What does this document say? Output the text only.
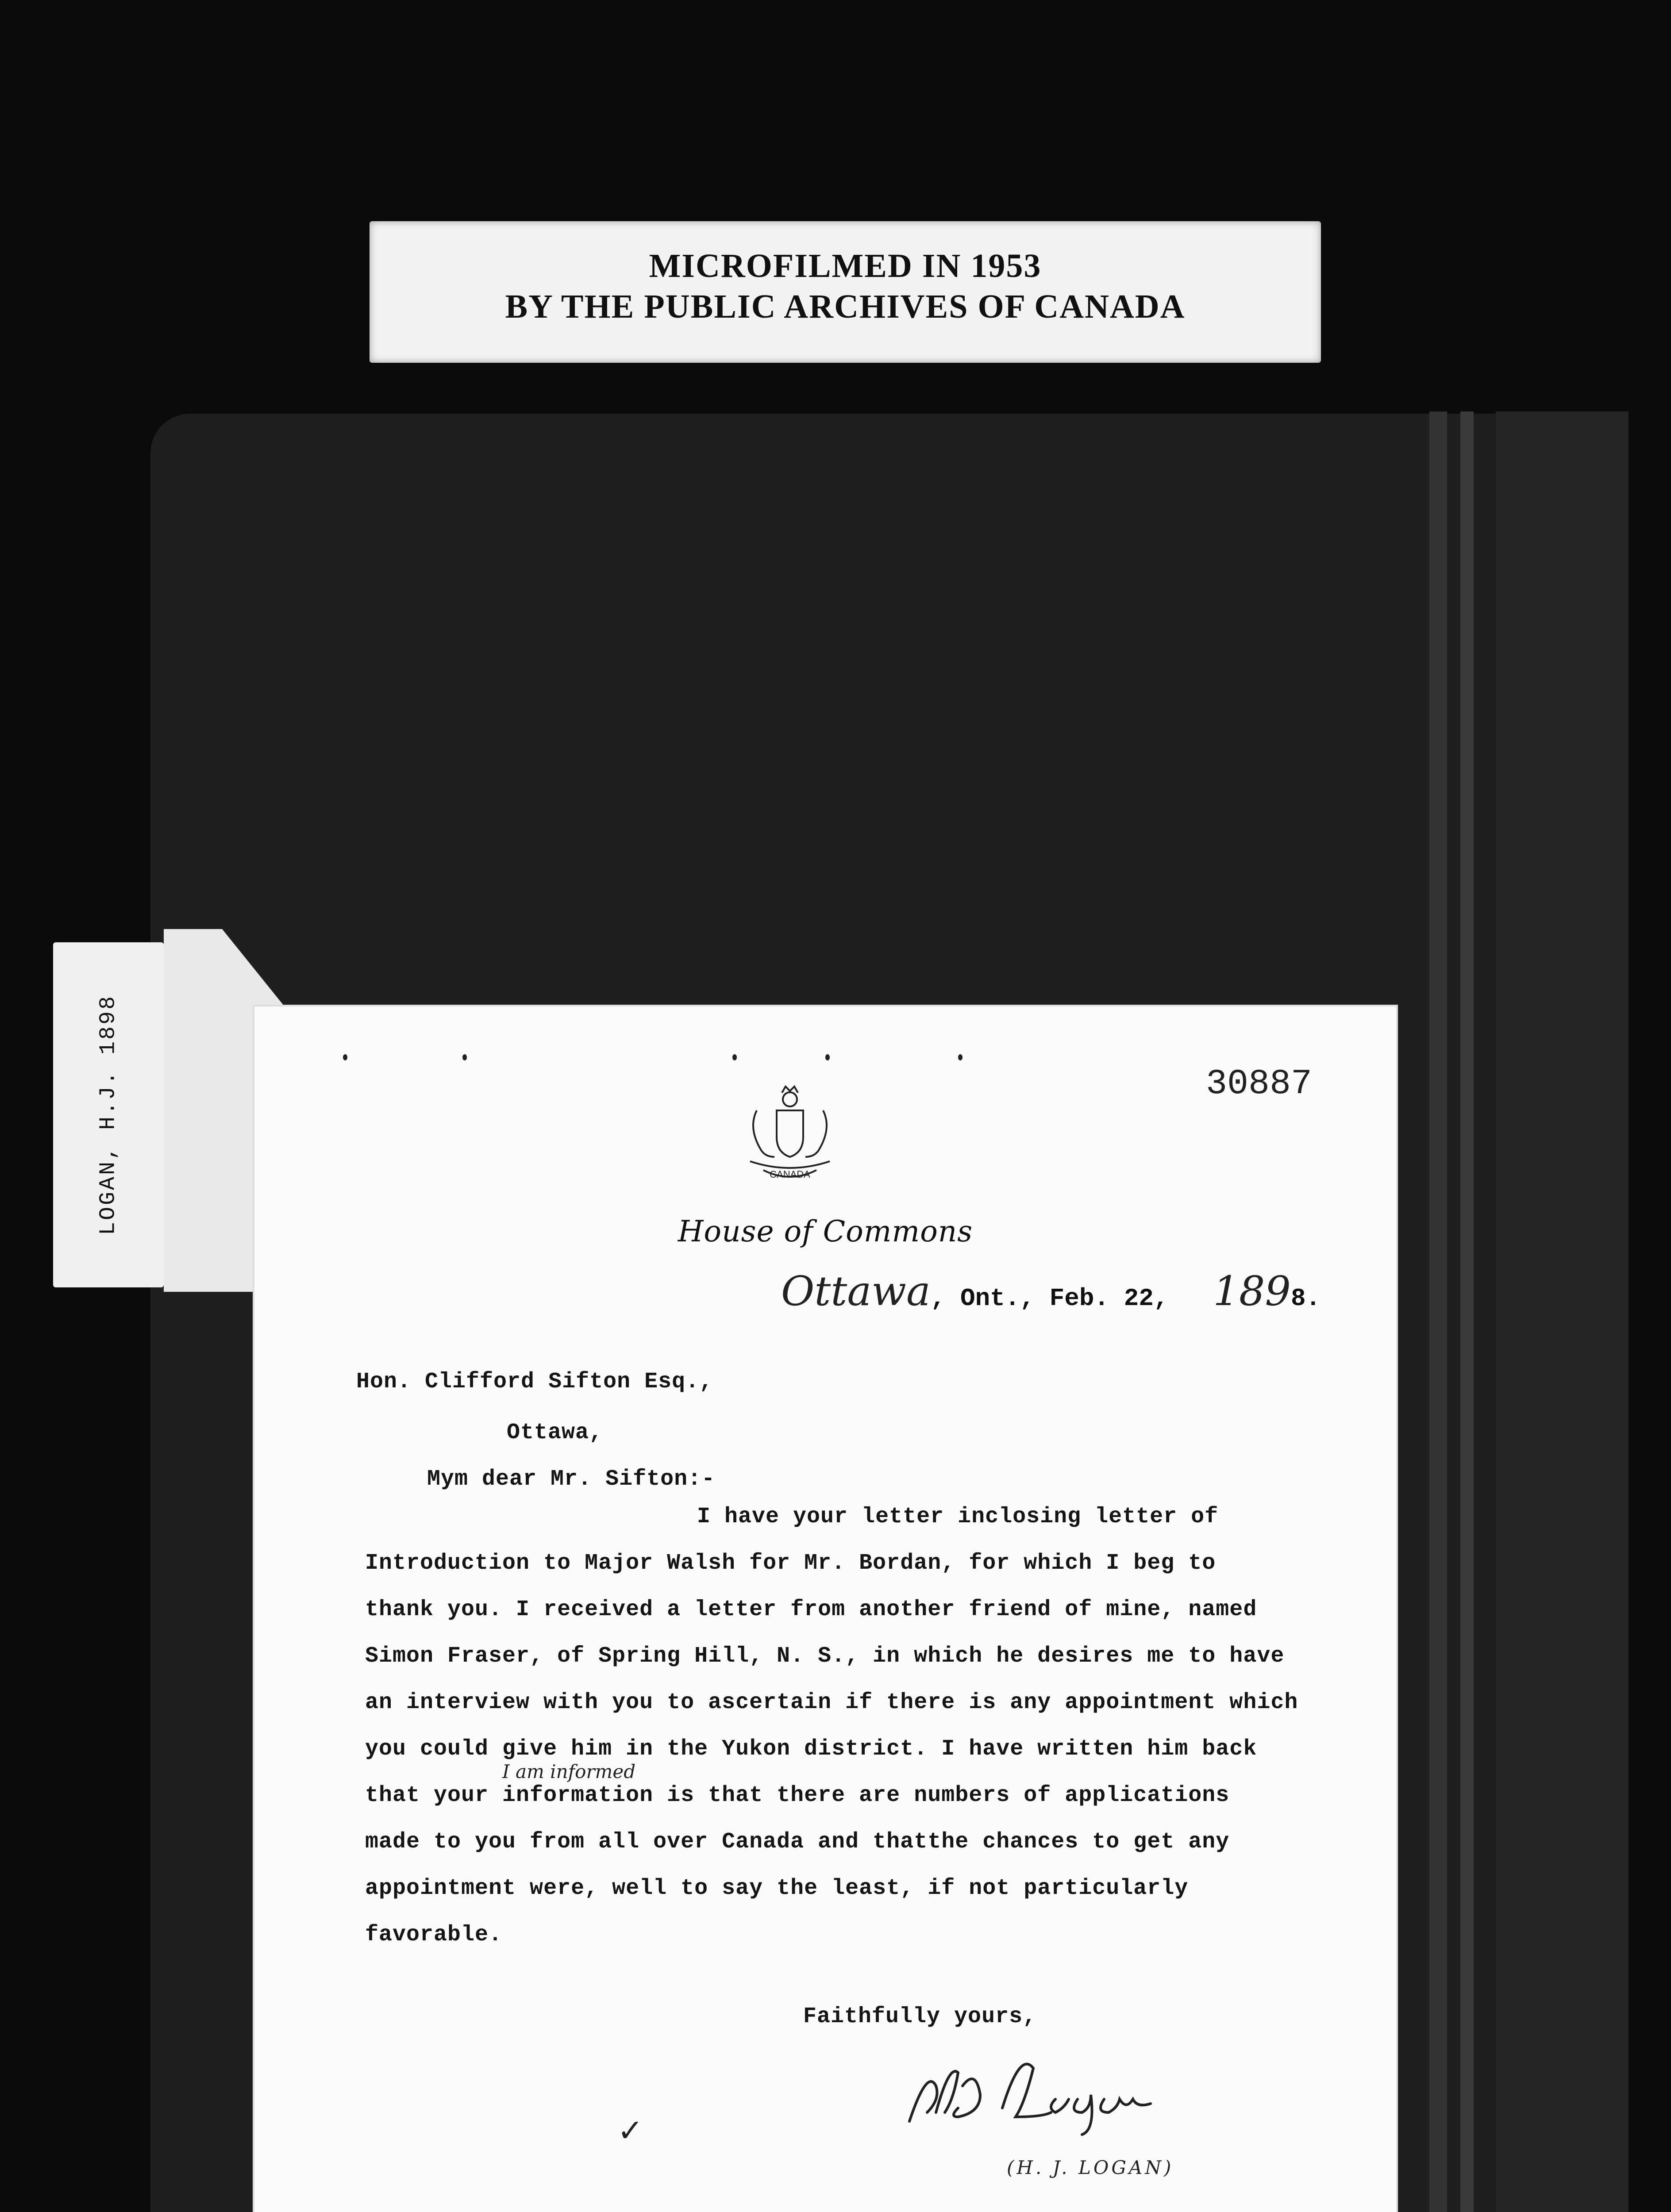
MICROFILMED IN 1953
BY THE PUBLIC ARCHIVES OF CANADA
LOGAN, H.J. 1898	30887
CANADA
House of Commons
Ottawa, Ont., Feb. 22, 1898.
Hon. Clifford Sifton Esq.,
Ottawa,
Mym dear Mr. Sifton:-
I have your letter inclosing letter of
Introduction to Major Walsh for Mr. Bordan, for which I beg to
thank you. I received a letter from another friend of mine, named
Simon Fraser, of Spring Hill, N. S., in which he desires me to have
an interview with you to ascertain if there is any appointment which
you could give him in the Yukon district. I have written him back
I am informed
that your information is that there are numbers of applications
made to you from all over Canada and thatthe chances to get any
appointment were, well to say the least, if not particularly
favorable.
Faithfully yours,
(H. J. LOGAN)
✓
